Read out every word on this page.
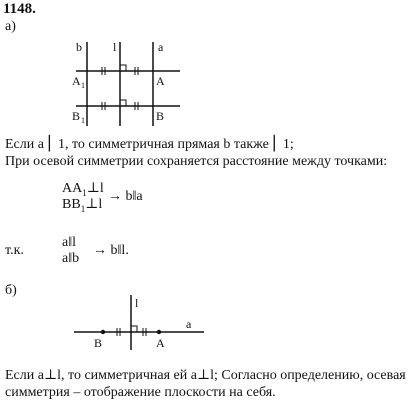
1148.
а)
b	l	a
A 1	A
B 1	B
Если a ⎢ 1, то симметричная прямая b также ⎢ 1;
При осевой симметрии сохраняется расстояние между точками:
$AA_1\perp l$
$BB_1\perp l$
→ b‖a
т.к.
a‖l
a‖b
→ b‖l.
б)
l
a
B	A
Если a⊥l, то симметричная ей a⊥l; Согласно определению, осевая
симметрия – отображение плоскости на себя.
